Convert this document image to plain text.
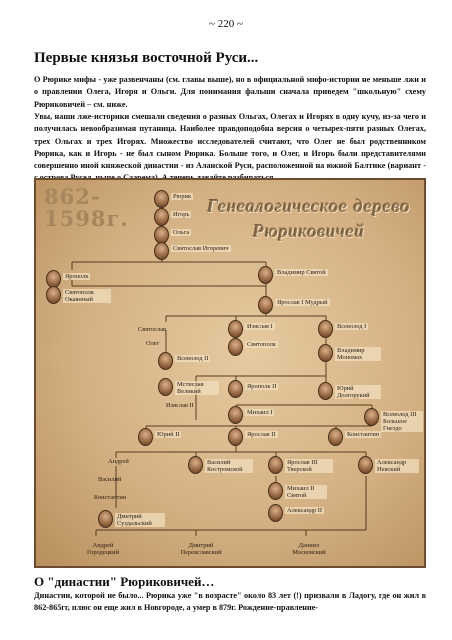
~ 220 ~
Первые князья восточной Руси...

О Рюрике мифы - уже развенчаны (см. главы выше), но в официальной мифо-истории не меньше лжи и о правлении Олега, Игоря и Ольги. Для понимания фальши сначала приведем "школьную" схему Рюриковичей – см. ниже.

Увы, наши лже-историки смешали сведения о разных Ольгах, Олегах и Игорях в одну кучу, из-за чего и получилась невообразимая путаница. Наиболее правдоподобна версия о четырех-пяти разных Олегах, трех Ольгах и трех Игорях. Множество исследователей считают, что Олег не был родственником Рюрика, как и Игорь - не был сыном Рюрика. Больше того, и Олег, и Игорь были представителями совершенно иной княжеской династии - из Аланской Руси, расположенной на южной Балтике (вариант -

862-1598г.	Генеалогическое дерево
Рюриковичей
Рюрик
Игорь
Ольга
Святослав Игоревич
Ярополк
Владимир Святой
Святополк Окаянный	Ярослав I Мудрый
Святослав	Изяслав I	Всеволод I
Олег	Святополк
Владимир Мономах
Всеволод II
Мстислав Великий
Ярополк II	Юрий Долгорукий
Изяслав II
Михаил I	Всеволод III Большое Гнездо
Юрий II	Ярослав II	Константин
Андрей	Василий Костромской
Ярослав III Тверской
Александр Невский
Василий
Михаил II Святой
Константин
Александр II
Дмитрий Суздальский
Андрей Городецкий
Дмитрий Переяславский
Даниил Московский
О "династии" Рюриковичей…

Династии, которой не было... Рюрика уже "в возрасте" около 83 лет (!) призвали в Ладогу, где он жил в 862-865гг, плюс он еще жил в Новгороде, а умер в 879г. Рождение-правление-
